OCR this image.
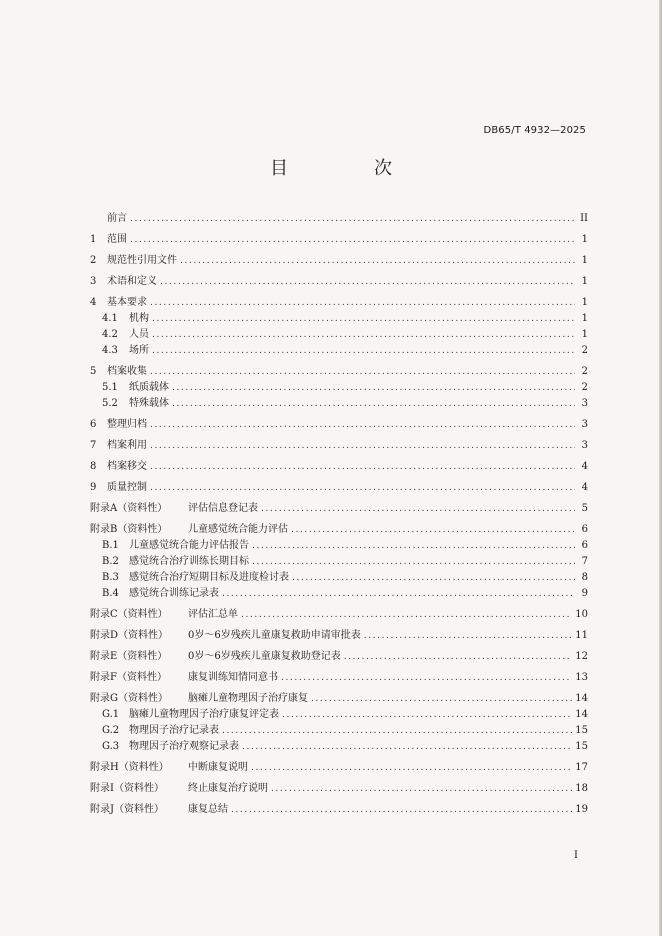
DB65/T 4932—2025
目　次
前言 .....	II
1 范围 .....	1
2 规范性引用文件 .....	1
3 术语和定义 .....	1
4 基本要求 .....	1
4.1 机构 .....	1
4.2 人员 .....	1
4.3 场所 .....	2
5 档案收集 .....	2
5.1 纸质载体 .....	2
5.2 特殊载体 .....	3
6 整理归档 .....	3
7 档案利用 .....	3
8 档案移交 .....	4
9 质量控制 .....	4
附录A（资料性） 评估信息登记表 .....	5
附录B（资料性） 儿童感觉统合能力评估 .....	6
B.1 儿童感觉统合能力评估报告 .....	6
B.2 感觉统合治疗训练长期目标 .....	7
B.3 感觉统合治疗短期目标及进度检讨表 .....	8
B.4 感觉统合训练记录表 .....	9
附录C（资料性） 评估汇总单 .....	10
附录D（资料性） 0岁～6岁残疾儿童康复救助申请审批表 .....	11
附录E（资料性） 0岁～6岁残疾儿童康复救助登记表 .....	12
附录F（资料性） 康复训练知情同意书 .....	13
附录G（资料性） 脑瘫儿童物理因子治疗康复 .....	14
G.1 脑瘫儿童物理因子治疗康复评定表 .....	14
G.2 物理因子治疗记录表 .....	15
G.3 物理因子治疗观察记录表 .....	15
附录H（资料性） 中断康复说明 .....	17
附录I（资料性） 终止康复治疗说明 .....	18
附录J（资料性） 康复总结 .....	19
I
